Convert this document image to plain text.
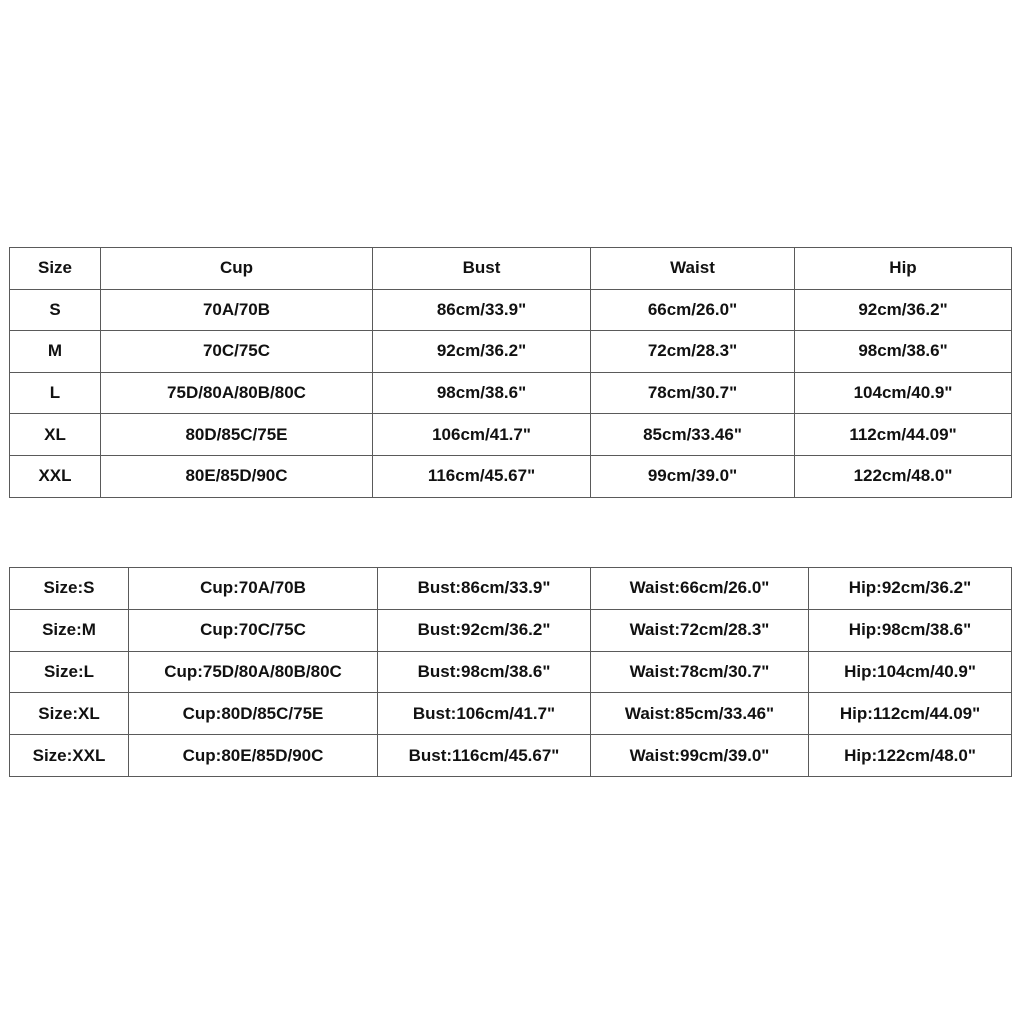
Size	Cup	Bust	Waist	Hip
S	70A/70B	86cm/33.9"	66cm/26.0"	92cm/36.2"
M	70C/75C	92cm/36.2"	72cm/28.3"	98cm/38.6"
L	75D/80A/80B/80C	98cm/38.6"	78cm/30.7"	104cm/40.9"
XL	80D/85C/75E	106cm/41.7"	85cm/33.46"	112cm/44.09"
XXL	80E/85D/90C	116cm/45.67"	99cm/39.0"	122cm/48.0"
Size:S	Cup:70A/70B	Bust:86cm/33.9"	Waist:66cm/26.0"	Hip:92cm/36.2"
Size:M	Cup:70C/75C	Bust:92cm/36.2"	Waist:72cm/28.3"	Hip:98cm/38.6"
Size:L	Cup:75D/80A/80B/80C	Bust:98cm/38.6"	Waist:78cm/30.7"	Hip:104cm/40.9"
Size:XL	Cup:80D/85C/75E	Bust:106cm/41.7"	Waist:85cm/33.46"	Hip:112cm/44.09"
Size:XXL	Cup:80E/85D/90C	Bust:116cm/45.67"	Waist:99cm/39.0"	Hip:122cm/48.0"
